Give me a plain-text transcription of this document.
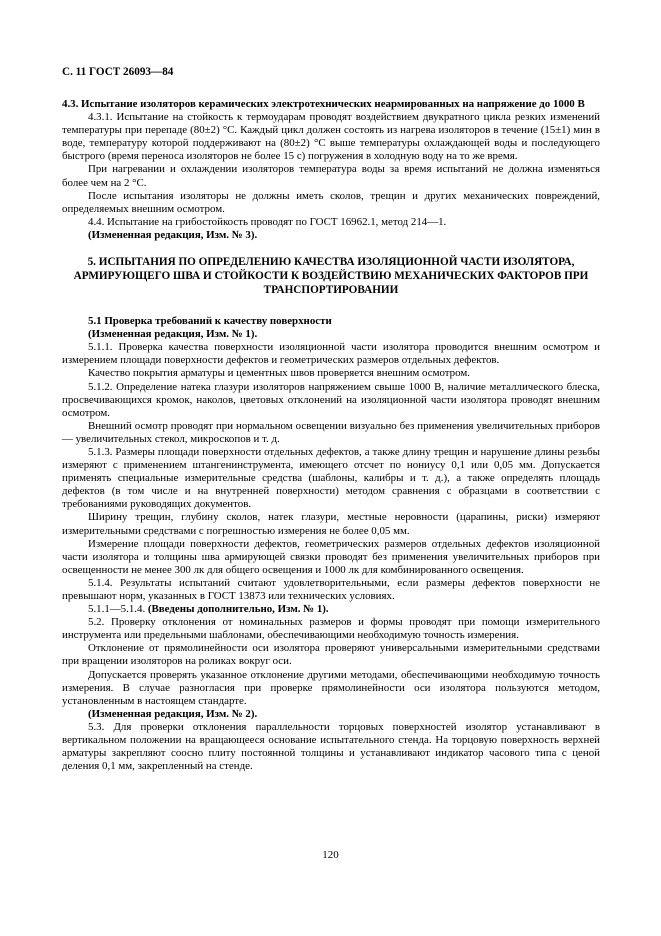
С. 11 ГОСТ 26093—84

4.3. Испытание изоляторов керамических электротехнических неармированных на напряжение до 1000 В

4.3.1. Испытание на стойкость к термоударам проводят воздействием двукратного цикла резких изменений температуры при перепаде (80±2) °С. Каждый цикл должен состоять из нагрева изоляторов в течение (15±1) мин в воде, температуру которой поддерживают на (80±2) °С выше температуры охлаждающей воды и последующего быстрого (время переноса изоляторов не более 15 с) погружения в холодную воду на то же время.

При нагревании и охлаждении изоляторов температура воды за время испытаний не должна изменяться более чем на 2 °С.

После испытания изоляторы не должны иметь сколов, трещин и других механических повреждений, определяемых внешним осмотром.

4.4. Испытание на грибостойкость проводят по ГОСТ 16962.1, метод 214—1.

(Измененная редакция, Изм. № 3).

5. ИСПЫТАНИЯ ПО ОПРЕДЕЛЕНИЮ КАЧЕСТВА ИЗОЛЯЦИОННОЙ ЧАСТИ ИЗОЛЯТОРА, АРМИРУЮЩЕГО ШВА И СТОЙКОСТИ К ВОЗДЕЙСТВИЮ МЕХАНИЧЕСКИХ ФАКТОРОВ ПРИ ТРАНСПОРТИРОВАНИИ

5.1 Проверка требований к качеству поверхности

(Измененная редакция, Изм. № 1).

5.1.1. Проверка качества поверхности изоляционной части изолятора проводится внешним осмотром и измерением площади поверхности дефектов и геометрических размеров отдельных дефектов.

Качество покрытия арматуры и цементных швов проверяется внешним осмотром.

5.1.2. Определение натека глазури изоляторов напряжением свыше 1000 В, наличие металлического блеска, просвечивающихся кромок, наколов, цветовых отклонений на изоляционной части изолятора проводят внешним осмотром.

Внешний осмотр проводят при нормальном освещении визуально без применения увеличительных приборов — увеличительных стекол, микроскопов и т. д.

5.1.3. Размеры площади поверхности отдельных дефектов, а также длину трещин и нарушение длины резьбы измеряют с применением штангенинструмента, имеющего отсчет по нониусу 0,1 или 0,05 мм. Допускается применять специальные измерительные средства (шаблоны, калибры и т. д.), а также определять площадь дефектов (в том числе и на внутренней поверхности) методом сравнения с образцами в соответствии с требованиями руководящих документов.

Ширину трещин, глубину сколов, натек глазури, местные неровности (царапины, риски) измеряют измерительными средствами с погрешностью измерения не более 0,05 мм.

Измерение площади поверхности дефектов, геометрических размеров отдельных дефектов изоляционной части изолятора и толщины шва армирующей связки проводят без применения увеличительных приборов при освещенности не менее 300 лк для общего освещения и 1000 лк для комбинированного освещения.

5.1.4. Результаты испытаний считают удовлетворительными, если размеры дефектов поверхности не превышают норм, указанных в ГОСТ 13873 или технических условиях.

5.1.1—5.1.4. (Введены дополнительно, Изм. № 1).

5.2. Проверку отклонения от номинальных размеров и формы проводят при помощи измерительного инструмента или предельными шаблонами, обеспечивающими необходимую точность измерения.

Отклонение от прямолинейности оси изолятора проверяют универсальными измерительными средствами при вращении изоляторов на роликах вокруг оси.

Допускается проверять указанное отклонение другими методами, обеспечивающими необходимую точность измерения. В случае разногласия при проверке прямолинейности оси изолятора пользуются методом, установленным в настоящем стандарте.

(Измененная редакция, Изм. № 2).

5.3. Для проверки отклонения параллельности торцовых поверхностей изолятор устанавливают в вертикальном положении на вращающееся основание испытательного стенда. На торцовую поверхность верхней арматуры закрепляют соосно плиту постоянной толщины и устанавливают индикатор часового типа с ценой деления 0,1 мм, закрепленный на стенде.

120
